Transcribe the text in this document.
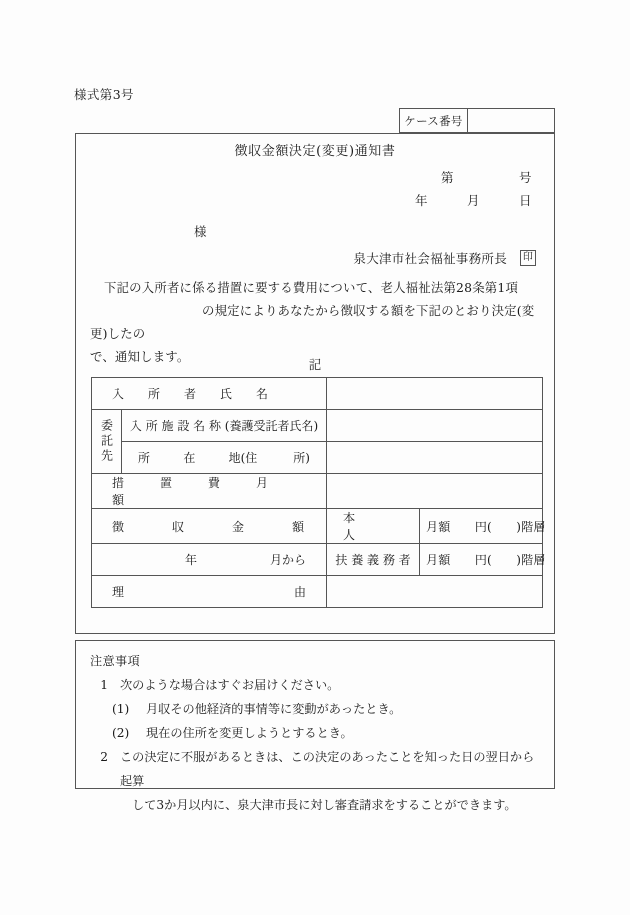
様式第3号
ケース番号
徴収金額決定(変更)通知書
第　　　　　号
年　　　月　　　日
様
泉大津市社会福祉事務所長 印
下記の入所者に係る措置に要する費用について、老人福祉法第28条第1項
の規定によりあなたから徴収する額を下記のとおり決定(変更)したの
で、通知します。
記
入　　所　　者　　氏　　名			

委託先	入 所 施 設 名 称 (養護受託者氏名)		

	所 在 地(住　　　所)		

措　　　置　　　費　　　月　　　額			

徴　　　　収　　　　金　　　　額		本　　　　　　人	月額　　円(　　)階層

年 月から		扶 養 義 務 者	月額　　円(　　)階層

理 由			

注意事項
1 次のような場合はすぐお届けください。
(1)	月収その他経済的事情等に変動があったとき。
(2)	現在の住所を変更しようとするとき。
2 この決定に不服があるときは、この決定のあったことを知った日の翌日から起算
して3か月以内に、泉大津市長に対し審査請求をすることができます。
